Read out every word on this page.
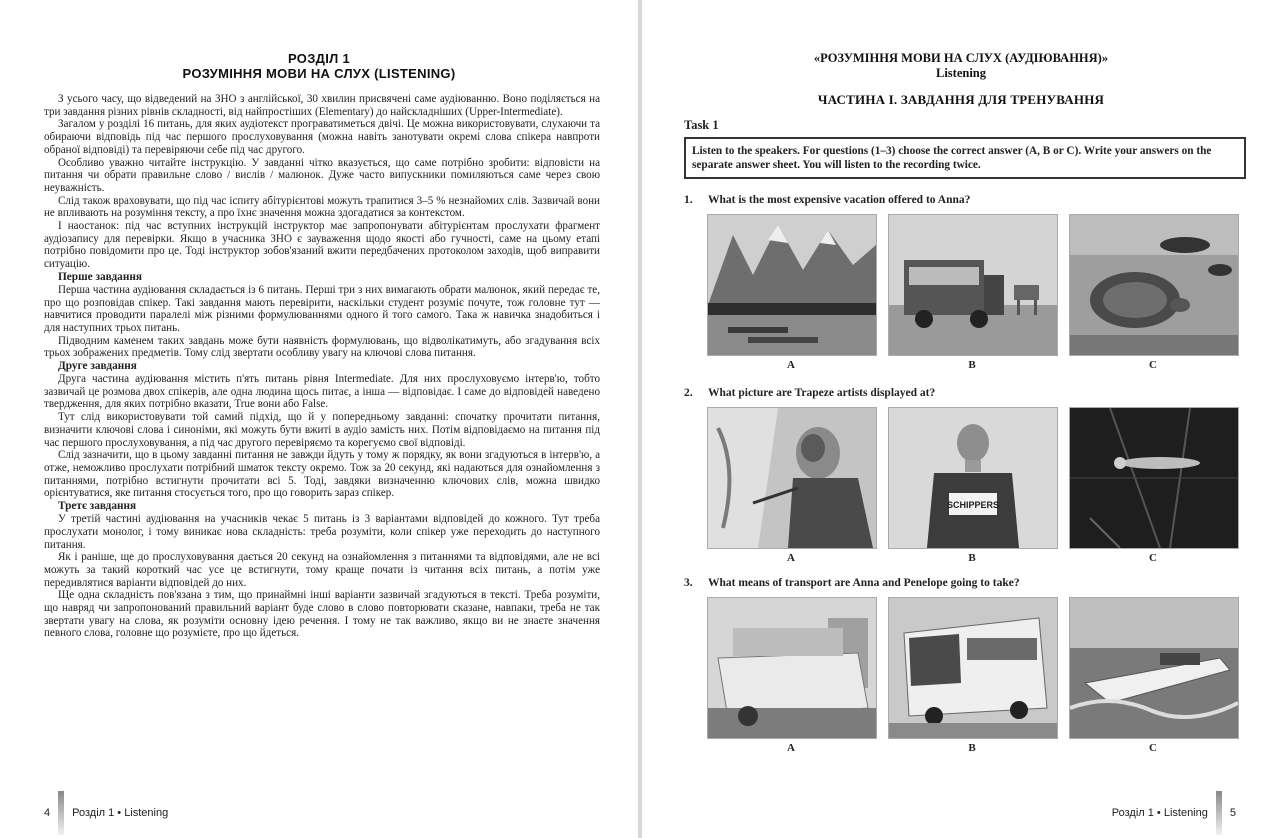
РОЗДІЛ 1
РОЗУМІННЯ МОВИ НА СЛУХ (LISTENING)

З усього часу, що відведений на ЗНО з англійської, 30 хвилин присвячені саме аудіюванню. Воно поділяється на три завдання різних рівнів складності, від найпростіших (Elementary) до найскладніших (Upper-Intermediate).

Загалом у розділі 16 питань, для яких аудіотекст програватиметься двічі. Це можна використовувати, слухаючи та обираючи відповідь під час першого прослуховування (можна навіть занотувати окремі слова спікера навпроти обраної відповіді) та перевіряючи себе під час другого.

Особливо уважно читайте інструкцію. У завданні чітко вказується, що саме потрібно зробити: відповісти на питання чи обрати правильне слово / вислів / малюнок. Дуже часто випускники помиляються саме через свою неуважність.

Слід також враховувати, що під час іспиту абітурієнтові можуть трапитися 3–5 % незнайомих слів. Зазвичай вони не впливають на розуміння тексту, а про їхнє значення можна здогадатися за контекстом.

І наостанок: під час вступних інструкцій інструктор має запропонувати абітурієнтам прослухати фрагмент аудіозапису для перевірки. Якщо в учасника ЗНО є зауваження щодо якості або гучності, саме на цьому етапі потрібно повідомити про це. Тоді інструктор зобов'язаний вжити передбачених протоколом заходів, щоб виправити ситуацію.

Перше завдання

Перша частина аудіювання складається із 6 питань. Перші три з них вимагають обрати малюнок, який передає те, про що розповідав спікер. Такі завдання мають перевірити, наскільки студент розуміє почуте, тож головне тут — навчитися проводити паралелі між різними формулюваннями одного й того самого. Така ж навичка знадобиться і для наступних трьох питань.

Підводним каменем таких завдань може бути наявність формулювань, що відволікатимуть, або згадування всіх трьох зображених предметів. Тому слід звертати особливу увагу на ключові слова питання.

Друге завдання

Друга частина аудіювання містить п'ять питань рівня Intermediate. Для них прослуховуємо інтерв'ю, тобто зазвичай це розмова двох спікерів, але одна людина щось питає, а інша — відповідає. І саме до відповідей наведено твердження, для яких потрібно вказати, True вони або False.

Тут слід використовувати той самий підхід, що й у попередньому завданні: спочатку прочитати питання, визначити ключові слова і синоніми, які можуть бути вжиті в аудіо замість них. Потім відповідаємо на питання під час першого прослуховування, а під час другого перевіряємо та корегуємо свої відповіді.

Слід зазначити, що в цьому завданні питання не завжди йдуть у тому ж порядку, як вони згадуються в інтерв'ю, а отже, неможливо прослухати потрібний шматок тексту окремо. Тож за 20 секунд, які надаються для ознайомлення з питаннями, потрібно встигнути прочитати всі 5. Тоді, завдяки визначенню ключових слів, можна швидко орієнтуватися, яке питання стосується того, про що говорить зараз спікер.

Третє завдання

У третій частині аудіювання на учасників чекає 5 питань із 3 варіантами відповідей до кожного. Тут треба прослухати монолог, і тому виникає нова складність: треба розуміти, коли спікер уже переходить до наступного питання.

Як і раніше, ще до прослуховування дається 20 секунд на ознайомлення з питаннями та відповідями, але не всі можуть за такий короткий час усе це встигнути, тому краще почати із читання всіх питань, а потім уже передивлятися варіанти відповідей до них.

Ще одна складність пов'язана з тим, що принаймні інші варіанти зазвичай згадуються в тексті. Треба розуміти, що навряд чи запропонований правильний варіант буде слово в слово повторювати сказане, навпаки, треба не так звертати увагу на слова, як розуміти основну ідею речення. І тому не так важливо, якщо ви не знаєте значення певного слова, головне що розумієте, про що йдеться.

4 Розділ 1 • Listening
«РОЗУМІННЯ МОВИ НА СЛУХ (АУДІЮВАННЯ)»
Listening
ЧАСТИНА І. ЗАВДАННЯ ДЛЯ ТРЕНУВАННЯ
Task 1
Listen to the speakers. For questions (1–3) choose the correct answer (A, B or C). Write your answers on the separate answer sheet. You will listen to the recording twice.
1.	What is the most expensive vacation offered to Anna?
A	B	C
2.	What picture are Trapeze artists displayed at?
SCHIPPERS
A	B	C
3.	What means of transport are Anna and Penelope going to take?
A	B	C
Розділ 1 • Listening 5
